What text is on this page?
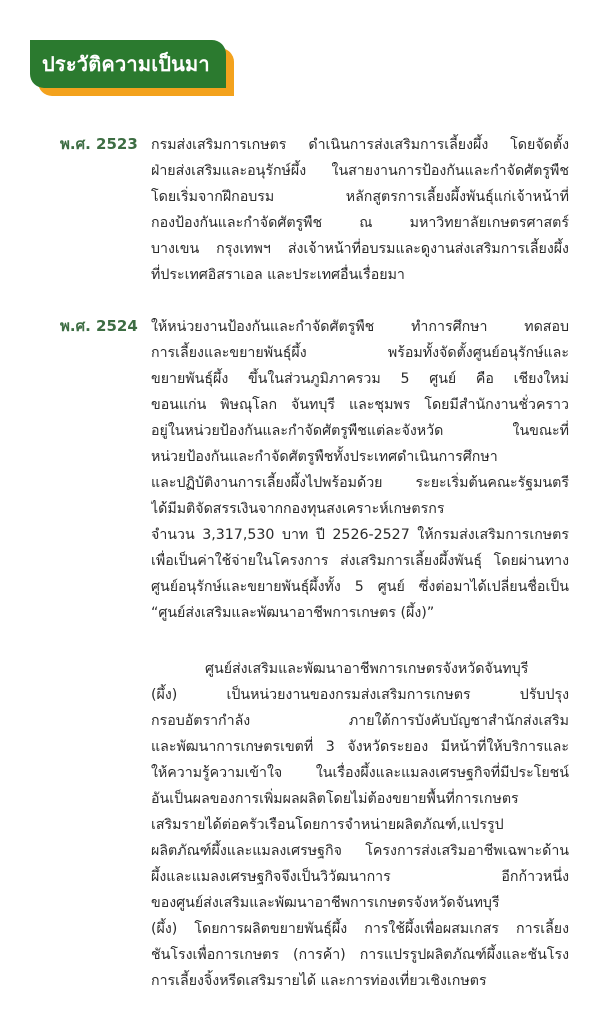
ประวัติความเป็นมา
พ.ศ. 2523 กรมส่งเสริมการเกษตร ดำเนินการส่งเสริมการเลี้ยงผึ้ง โดยจัดตั้ง
ฝ่ายส่งเสริมและอนุรักษ์ผึ้ง ในสายงานการป้องกันและกำจัดศัตรูพืช
โดยเริ่มจากฝึกอบรม หลักสูตรการเลี้ยงผึ้งพันธุ์แก่เจ้าหน้าที่
กองป้องกันและกำจัดศัตรูพืช ณ มหาวิทยาลัยเกษตรศาสตร์
บางเขน กรุงเทพฯ ส่งเจ้าหน้าที่อบรมและดูงานส่งเสริมการเลี้ยงผึ้ง
ที่ประเทศอิสราเอล และประเทศอื่นเรื่อยมา
พ.ศ. 2524 ให้หน่วยงานป้องกันและกำจัดศัตรูพืช ทำการศึกษา ทดสอบ
การเลี้ยงและขยายพันธุ์ผึ้ง พร้อมทั้งจัดตั้งศูนย์อนุรักษ์และ
ขยายพันธุ์ผึ้ง ขึ้นในส่วนภูมิภาครวม 5 ศูนย์ คือ เชียงใหม่
ขอนแก่น พิษณุโลก จันทบุรี และชุมพร โดยมีสำนักงานชั่วคราว
อยู่ในหน่วยป้องกันและกำจัดศัตรูพืชแต่ละจังหวัด ในขณะที่
หน่วยป้องกันและกำจัดศัตรูพืชทั้งประเทศดำเนินการศึกษา
และปฏิบัติงานการเลี้ยงผึ้งไปพร้อมด้วย ระยะเริ่มต้นคณะรัฐมนตรี
ได้มีมติจัดสรรเงินจากกองทุนสงเคราะห์เกษตรกร
จำนวน 3,317,530 บาท ปี 2526-2527 ให้กรมส่งเสริมการเกษตร
เพื่อเป็นค่าใช้จ่ายในโครงการ ส่งเสริมการเลี้ยงผึ้งพันธุ์ โดยผ่านทาง
ศูนย์อนุรักษ์และขยายพันธุ์ผึ้งทั้ง 5 ศูนย์ ซึ่งต่อมาได้เปลี่ยนชื่อเป็น
“ศูนย์ส่งเสริมและพัฒนาอาชีพการเกษตร (ผึ้ง)”
ศูนย์ส่งเสริมและพัฒนาอาชีพการเกษตรจังหวัดจันทบุรี
(ผึ้ง) เป็นหน่วยงานของกรมส่งเสริมการเกษตร ปรับปรุง
กรอบอัตรากำลัง ภายใต้การบังคับบัญชาสำนักส่งเสริม
และพัฒนาการเกษตรเขตที่ 3 จังหวัดระยอง มีหน้าที่ให้บริการและ
ให้ความรู้ความเข้าใจ ในเรื่องผึ้งและแมลงเศรษฐกิจที่มีประโยชน์
อันเป็นผลของการเพิ่มผลผลิตโดยไม่ต้องขยายพื้นที่การเกษตร
เสริมรายได้ต่อครัวเรือนโดยการจำหน่ายผลิตภัณฑ์,แปรรูป
ผลิตภัณฑ์ผึ้งและแมลงเศรษฐกิจ โครงการส่งเสริมอาชีพเฉพาะด้าน
ผึ้งและแมลงเศรษฐกิจจึงเป็นวิวัฒนาการ อีกก้าวหนึ่ง
ของศูนย์ส่งเสริมและพัฒนาอาชีพการเกษตรจังหวัดจันทบุรี
(ผึ้ง) โดยการผลิตขยายพันธุ์ผึ้ง การใช้ผึ้งเพื่อผสมเกสร การเลี้ยง
ชันโรงเพื่อการเกษตร (การค้า) การแปรรูปผลิตภัณฑ์ผึ้งและชันโรง
การเลี้ยงจิ้งหรีดเสริมรายได้ และการท่องเที่ยวเชิงเกษตร
